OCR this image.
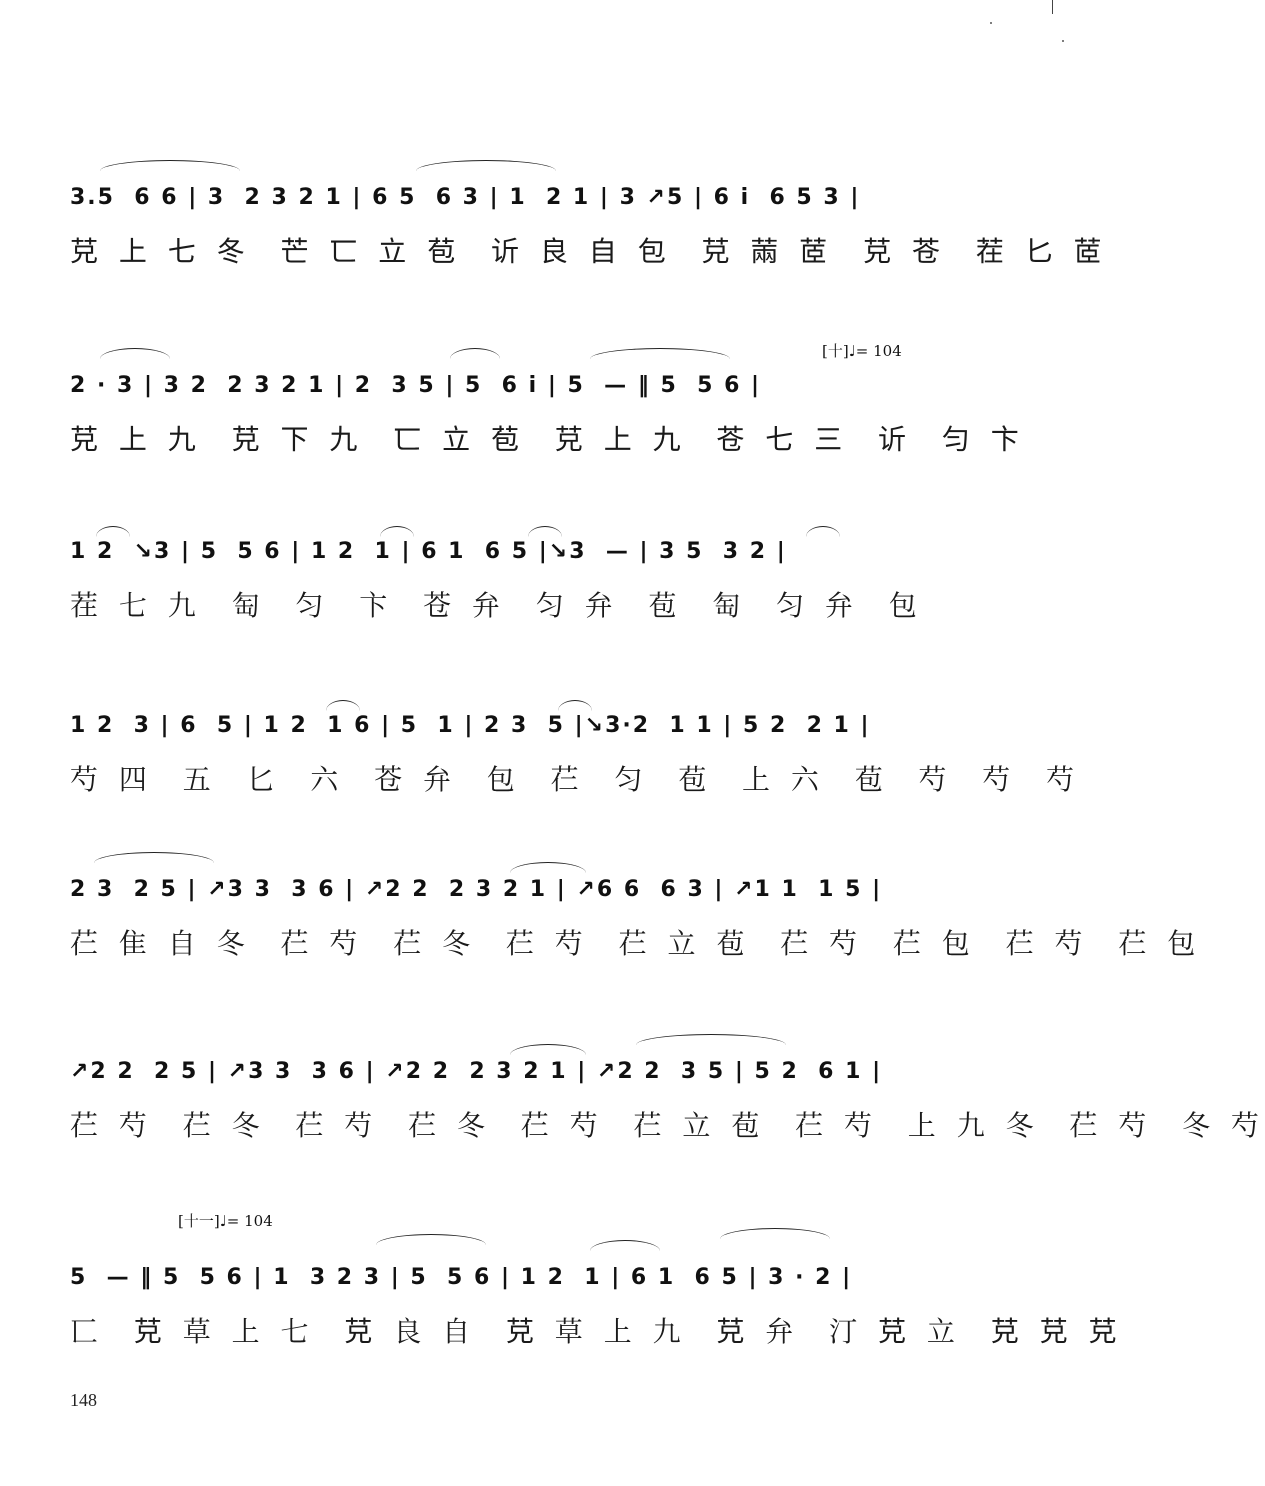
[十]♩= 104
[十一]♩= 104
3.5  6 6 | 3  2 3 2 1 | 6 5  6 3 | 1  2 1 | 3 ↗5 | 6 i  6 5 3 |
𦬺 上 七 冬  芒 匸 立 苞  䜣 良 自 包  𦬺 䓣 茝  𦬺 苍  茬 匕 茝
2 · 3 | 3 2  2 3 2 1 | 2  3 5 | 5  6 i | 5  — ‖ 5  5 6 |
𦬺 上 九  𦬺 下 九  匸 立 苞  𦬺 上 九  苍 七 三  䜣  匀 卞
1 2  ↘3 | 5  5 6 | 1 2  1 | 6 1  6 5 |↘3  — | 3 5  3 2 |
茬 七 九  匋  匀  卞  苍 弁  匀 弁  苞  匋  匀 弁  包
1 2  3 | 6  5 | 1 2  1 6 | 5  1 | 2 3  5 |↘3·2  1 1 | 5 2  2 1 |
芍 四  五  匕  六  苍 弁  包  芢  匀  苞  上 六  苞  芍  芍  芍
2 3  2 5 | ↗3 3  3 6 | ↗2 2  2 3 2 1 | ↗6 6  6 3 | ↗1 1  1 5 |
芢 隹 自 冬  芢 芍  芢 冬  芢 芍  芢 立 苞  芢 芍  芢 包  芢 芍  芢 包
↗2 2  2 5 | ↗3 3  3 6 | ↗2 2  2 3 2 1 | ↗2 2  3 5 | 5 2  6 1 |
芢 芍  芢 冬  芢 芍  芢 冬  芢 芍  芢 立 苞  芢 芍  上 九 冬  芢 芍  冬 芍
5  — ‖ 5  5 6 | 1  3 2 3 | 5  5 6 | 1 2  1 | 6 1  6 5 | 3 · 2 |
匸  𦬺 草 上 七  𦬺 良 自  𦬺 草 上 九  𦬺 弁  汀 𦬺 立  𦬺 𦬺 𦬺
148
